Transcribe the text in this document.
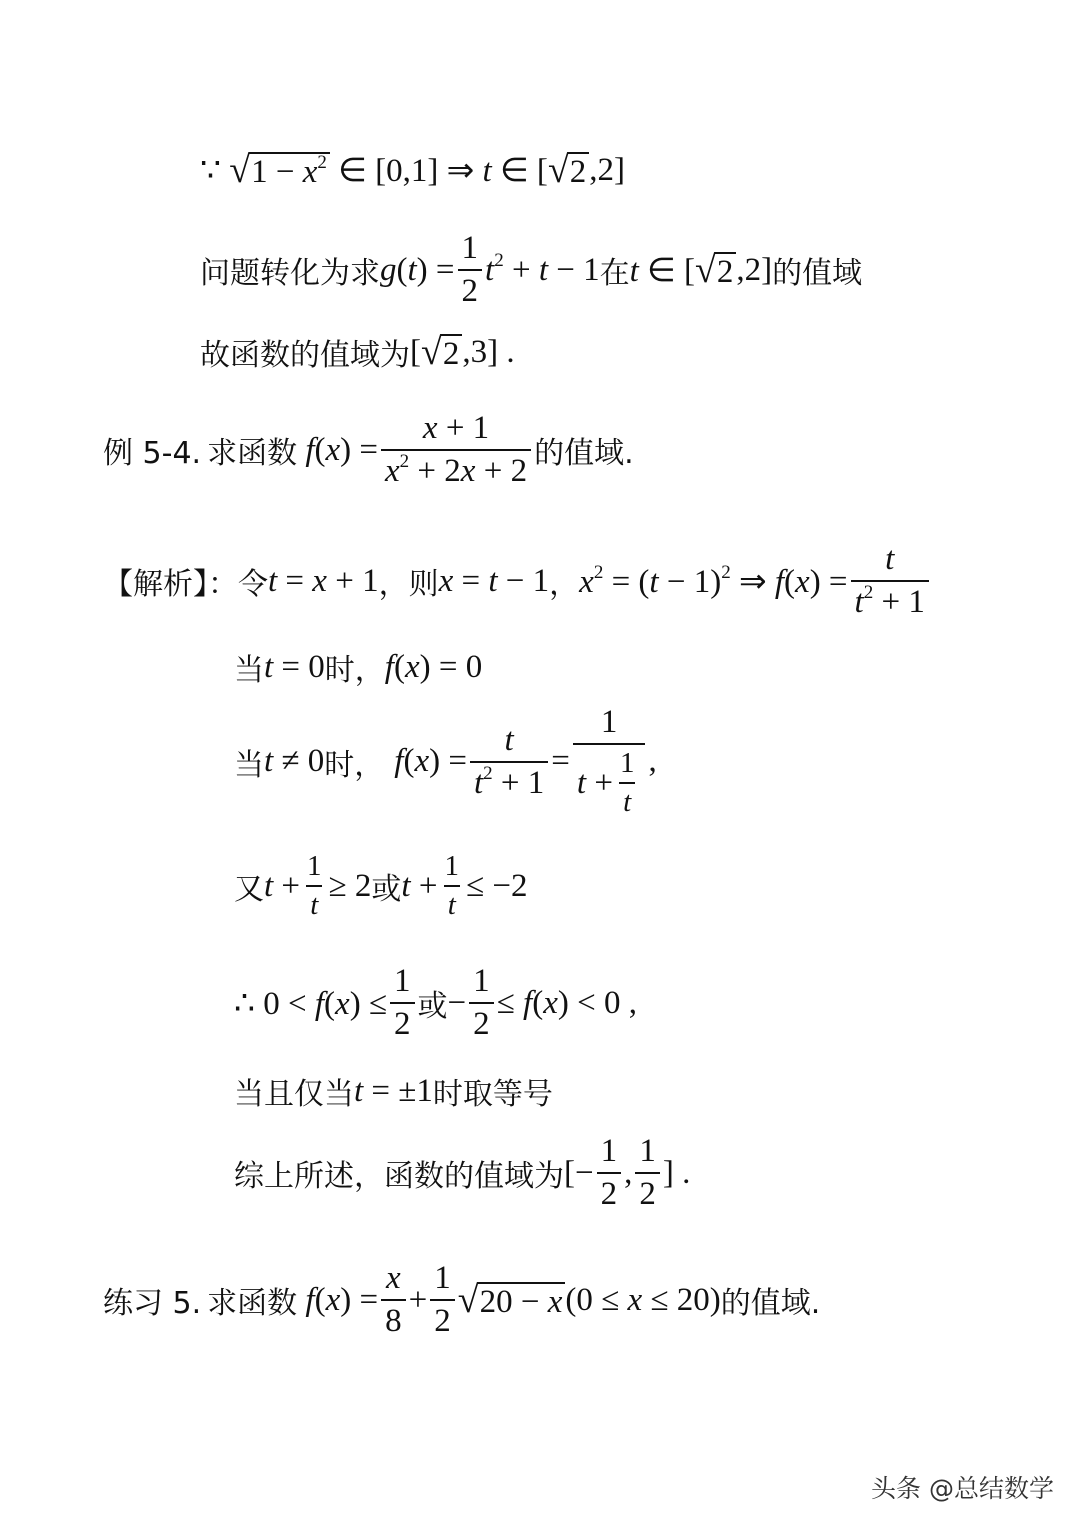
∵ √ $1 - x^2$ ∈ [0,1] ⇒ t ∈ [ √ 2 ,2]
问题转化为求 $g(t) = \frac{1}{2} t^2 + t - 1$ 在 t ∈ [ √ 2 ,2] 的值域
故函数的值域为 [ √ 2 ,3] .
例 5-4. 求函数 $f(x) = \frac{x + 1}{x^2 + 2x + 2}$ 的值域.
【解析】： 令 t = x + 1 ，则 x = t − 1 ， $x^2 = (t - 1)^2$ ⇒ $f(x) = \frac{t}{t^2 + 1}$
当 t = 0 时， f(x) = 0
当 t ≠ 0 时， $f(x) = \frac{t}{t^2 + 1} = \frac{1}{t + \frac{1}{t}}$ ,
又 $t + \frac{1}{t} \ge 2$ 或 $t + \frac{1}{t} \le -2$
∴ $0 < f(x) \le \frac{1}{2}$ 或 − $\frac{1}{2} \le f(x) < 0$ ,
当且仅当 t = ±1 时取等号
综上所述，函数的值域为 [− $\frac{1}{2}$ , $\frac{1}{2}$ ] .
练习 5. 求函数 $f(x) = \frac{x}{8} + \frac{1}{2}$ √ 20 − x (0 ≤ x ≤ 20) 的值域.
头条 @总结数学
